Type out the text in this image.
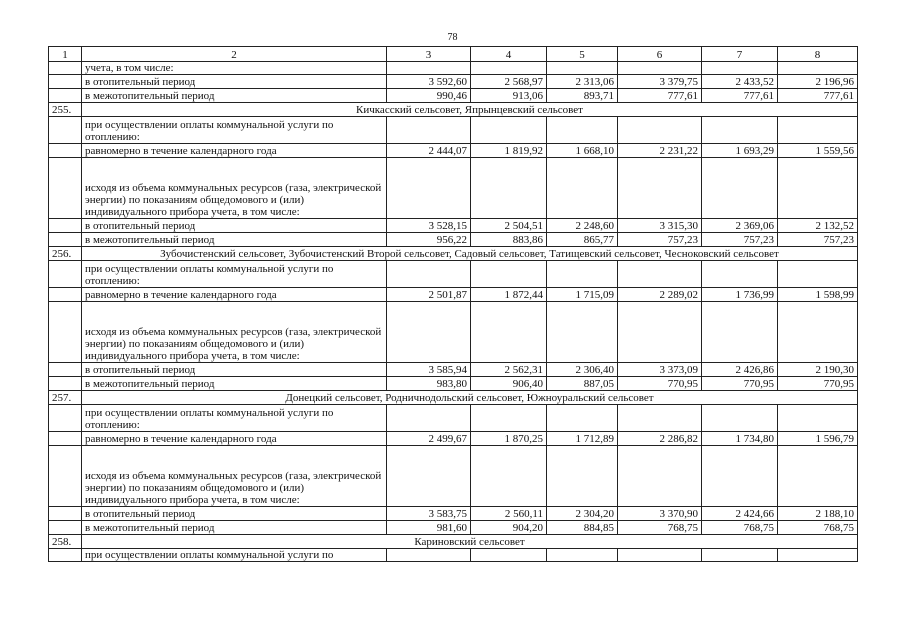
78
1	2	3	4	5	6	7	8
	учета, в том числе:						
	в отопительный период	3 592,60	2 568,97	2 313,06	3 379,75	2 433,52	2 196,96
	в межотопительный период	990,46	913,06	893,71	777,61	777,61	777,61
255.	Кичкасский сельсовет, Япрынцевский сельсовет						
	при осуществлении оплаты коммунальной услуги по отоплению:						
	равномерно в течение календарного года	2 444,07	1 819,92	1 668,10	2 231,22	1 693,29	1 559,56
	исходя из объема коммунальных ресурсов (газа, электрической энергии) по показаниям общедомового и (или) индивидуального прибора учета, в том числе:						
	в отопительный период	3 528,15	2 504,51	2 248,60	3 315,30	2 369,06	2 132,52
	в межотопительный период	956,22	883,86	865,77	757,23	757,23	757,23
256.	Зубочистенский сельсовет, Зубочистенский Второй сельсовет, Садовый сельсовет, Татищевский сельсовет, Чесноковский сельсовет						
	при осуществлении оплаты коммунальной услуги по отоплению:						
	равномерно в течение календарного года	2 501,87	1 872,44	1 715,09	2 289,02	1 736,99	1 598,99
	исходя из объема коммунальных ресурсов (газа, электрической энергии) по показаниям общедомового и (или) индивидуального прибора учета, в том числе:						
	в отопительный период	3 585,94	2 562,31	2 306,40	3 373,09	2 426,86	2 190,30
	в межотопительный период	983,80	906,40	887,05	770,95	770,95	770,95
257.	Донецкий сельсовет, Родничнодольский сельсовет, Южноуральский сельсовет						
	при осуществлении оплаты коммунальной услуги по отоплению:						
	равномерно в течение календарного года	2 499,67	1 870,25	1 712,89	2 286,82	1 734,80	1 596,79
	исходя из объема коммунальных ресурсов (газа, электрической энергии) по показаниям общедомового и (или) индивидуального прибора учета, в том числе:						
	в отопительный период	3 583,75	2 560,11	2 304,20	3 370,90	2 424,66	2 188,10
	в межотопительный период	981,60	904,20	884,85	768,75	768,75	768,75
258.	Кариновский сельсовет						
	при осуществлении оплаты коммунальной услуги по						
